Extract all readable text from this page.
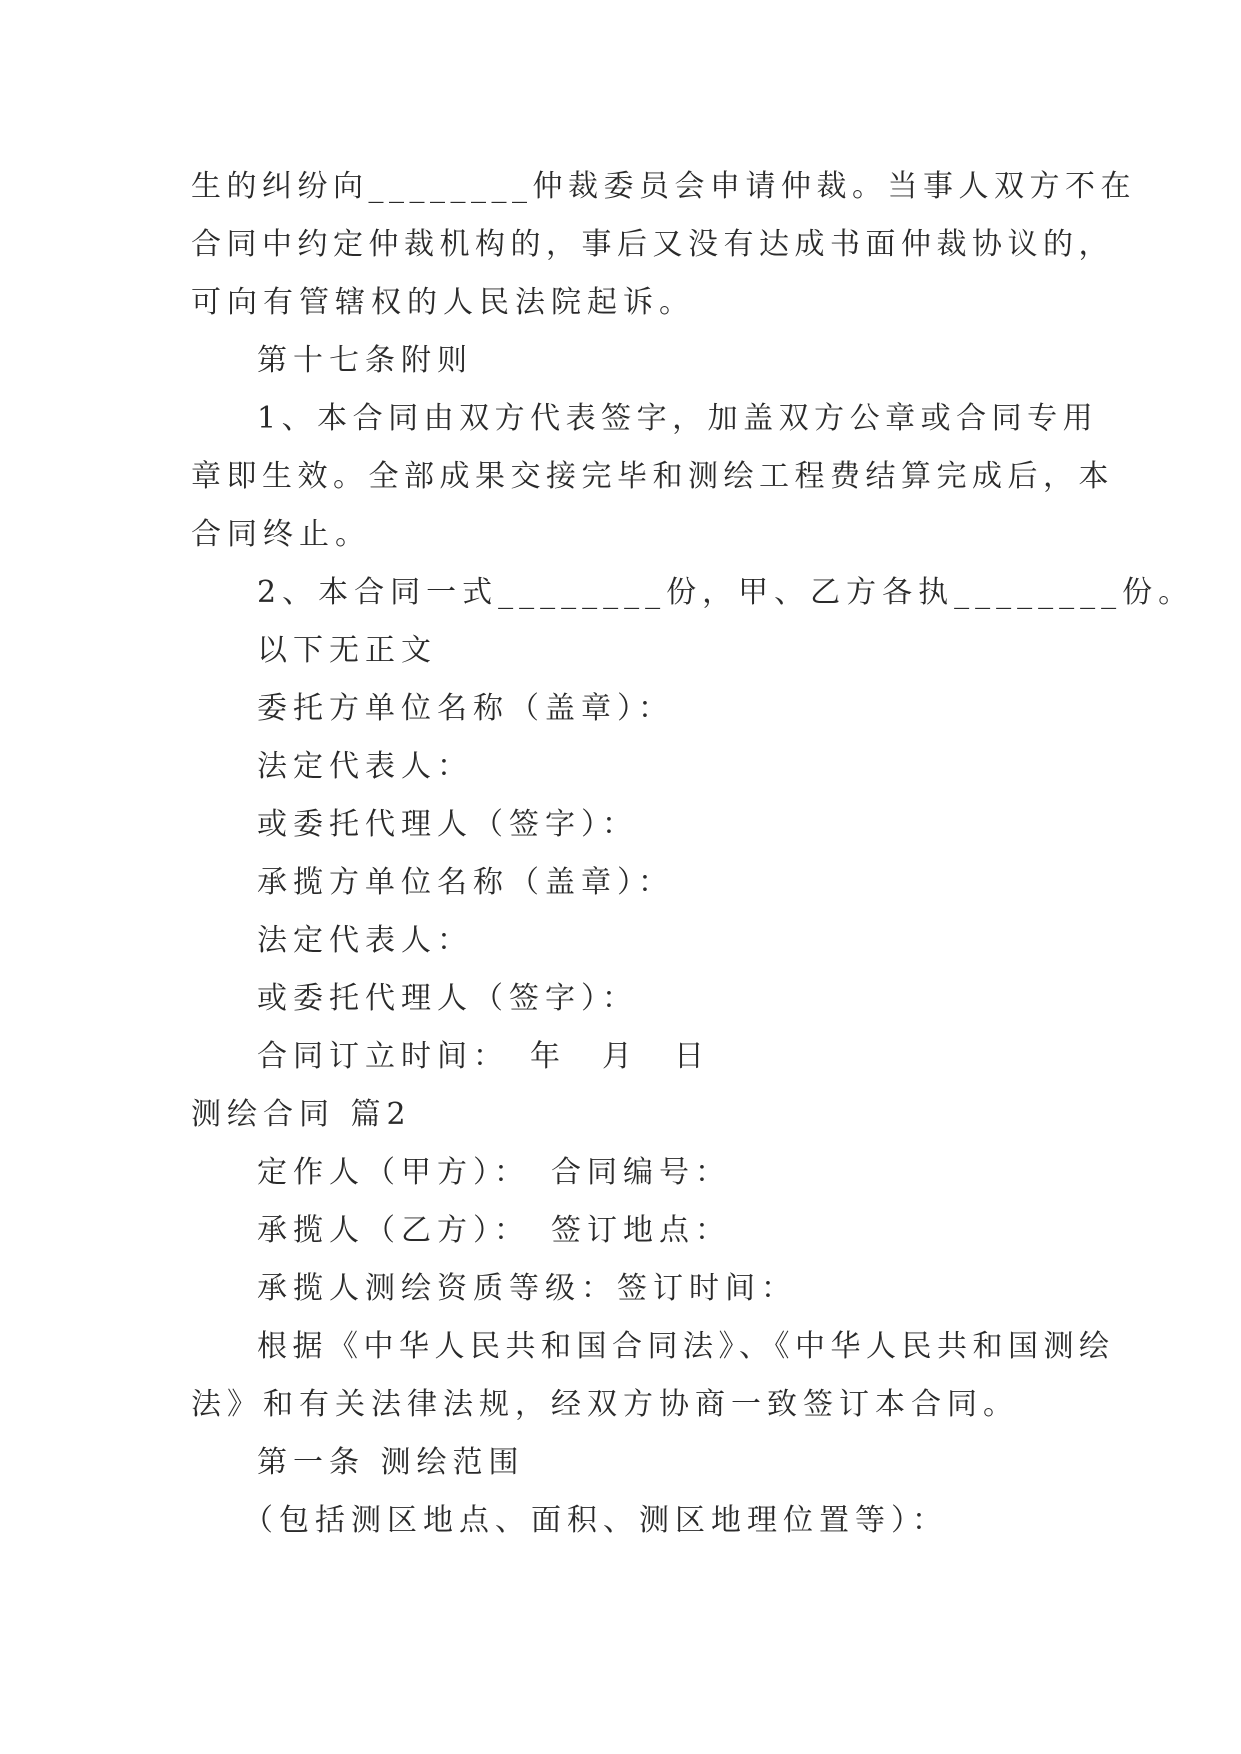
生的纠纷向________仲裁委员会申请仲裁。当事人双方不在
合同中约定仲裁机构的，事后又没有达成书面仲裁协议的，
可向有管辖权的人民法院起诉。
第十七条附则
1、本合同由双方代表签字，加盖双方公章或合同专用
章即生效。全部成果交接完毕和测绘工程费结算完成后，本
合同终止。
2、本合同一式________份，甲、乙方各执________份。
以下无正文
委托方单位名称（盖章）：
法定代表人：
或委托代理人（签字）：
承揽方单位名称（盖章）：
法定代表人：
或委托代理人（签字）：
合同订立时间：　年　月　日
测绘合同 篇2
定作人（甲方）：　合同编号：
承揽人（乙方）：　签订地点：
承揽人测绘资质等级：签订时间：
根据《中华人民共和国合同法》、《中华人民共和国测绘
法》和有关法律法规，经双方协商一致签订本合同。
第一条 测绘范围
（包括测区地点、面积、测区地理位置等）：
